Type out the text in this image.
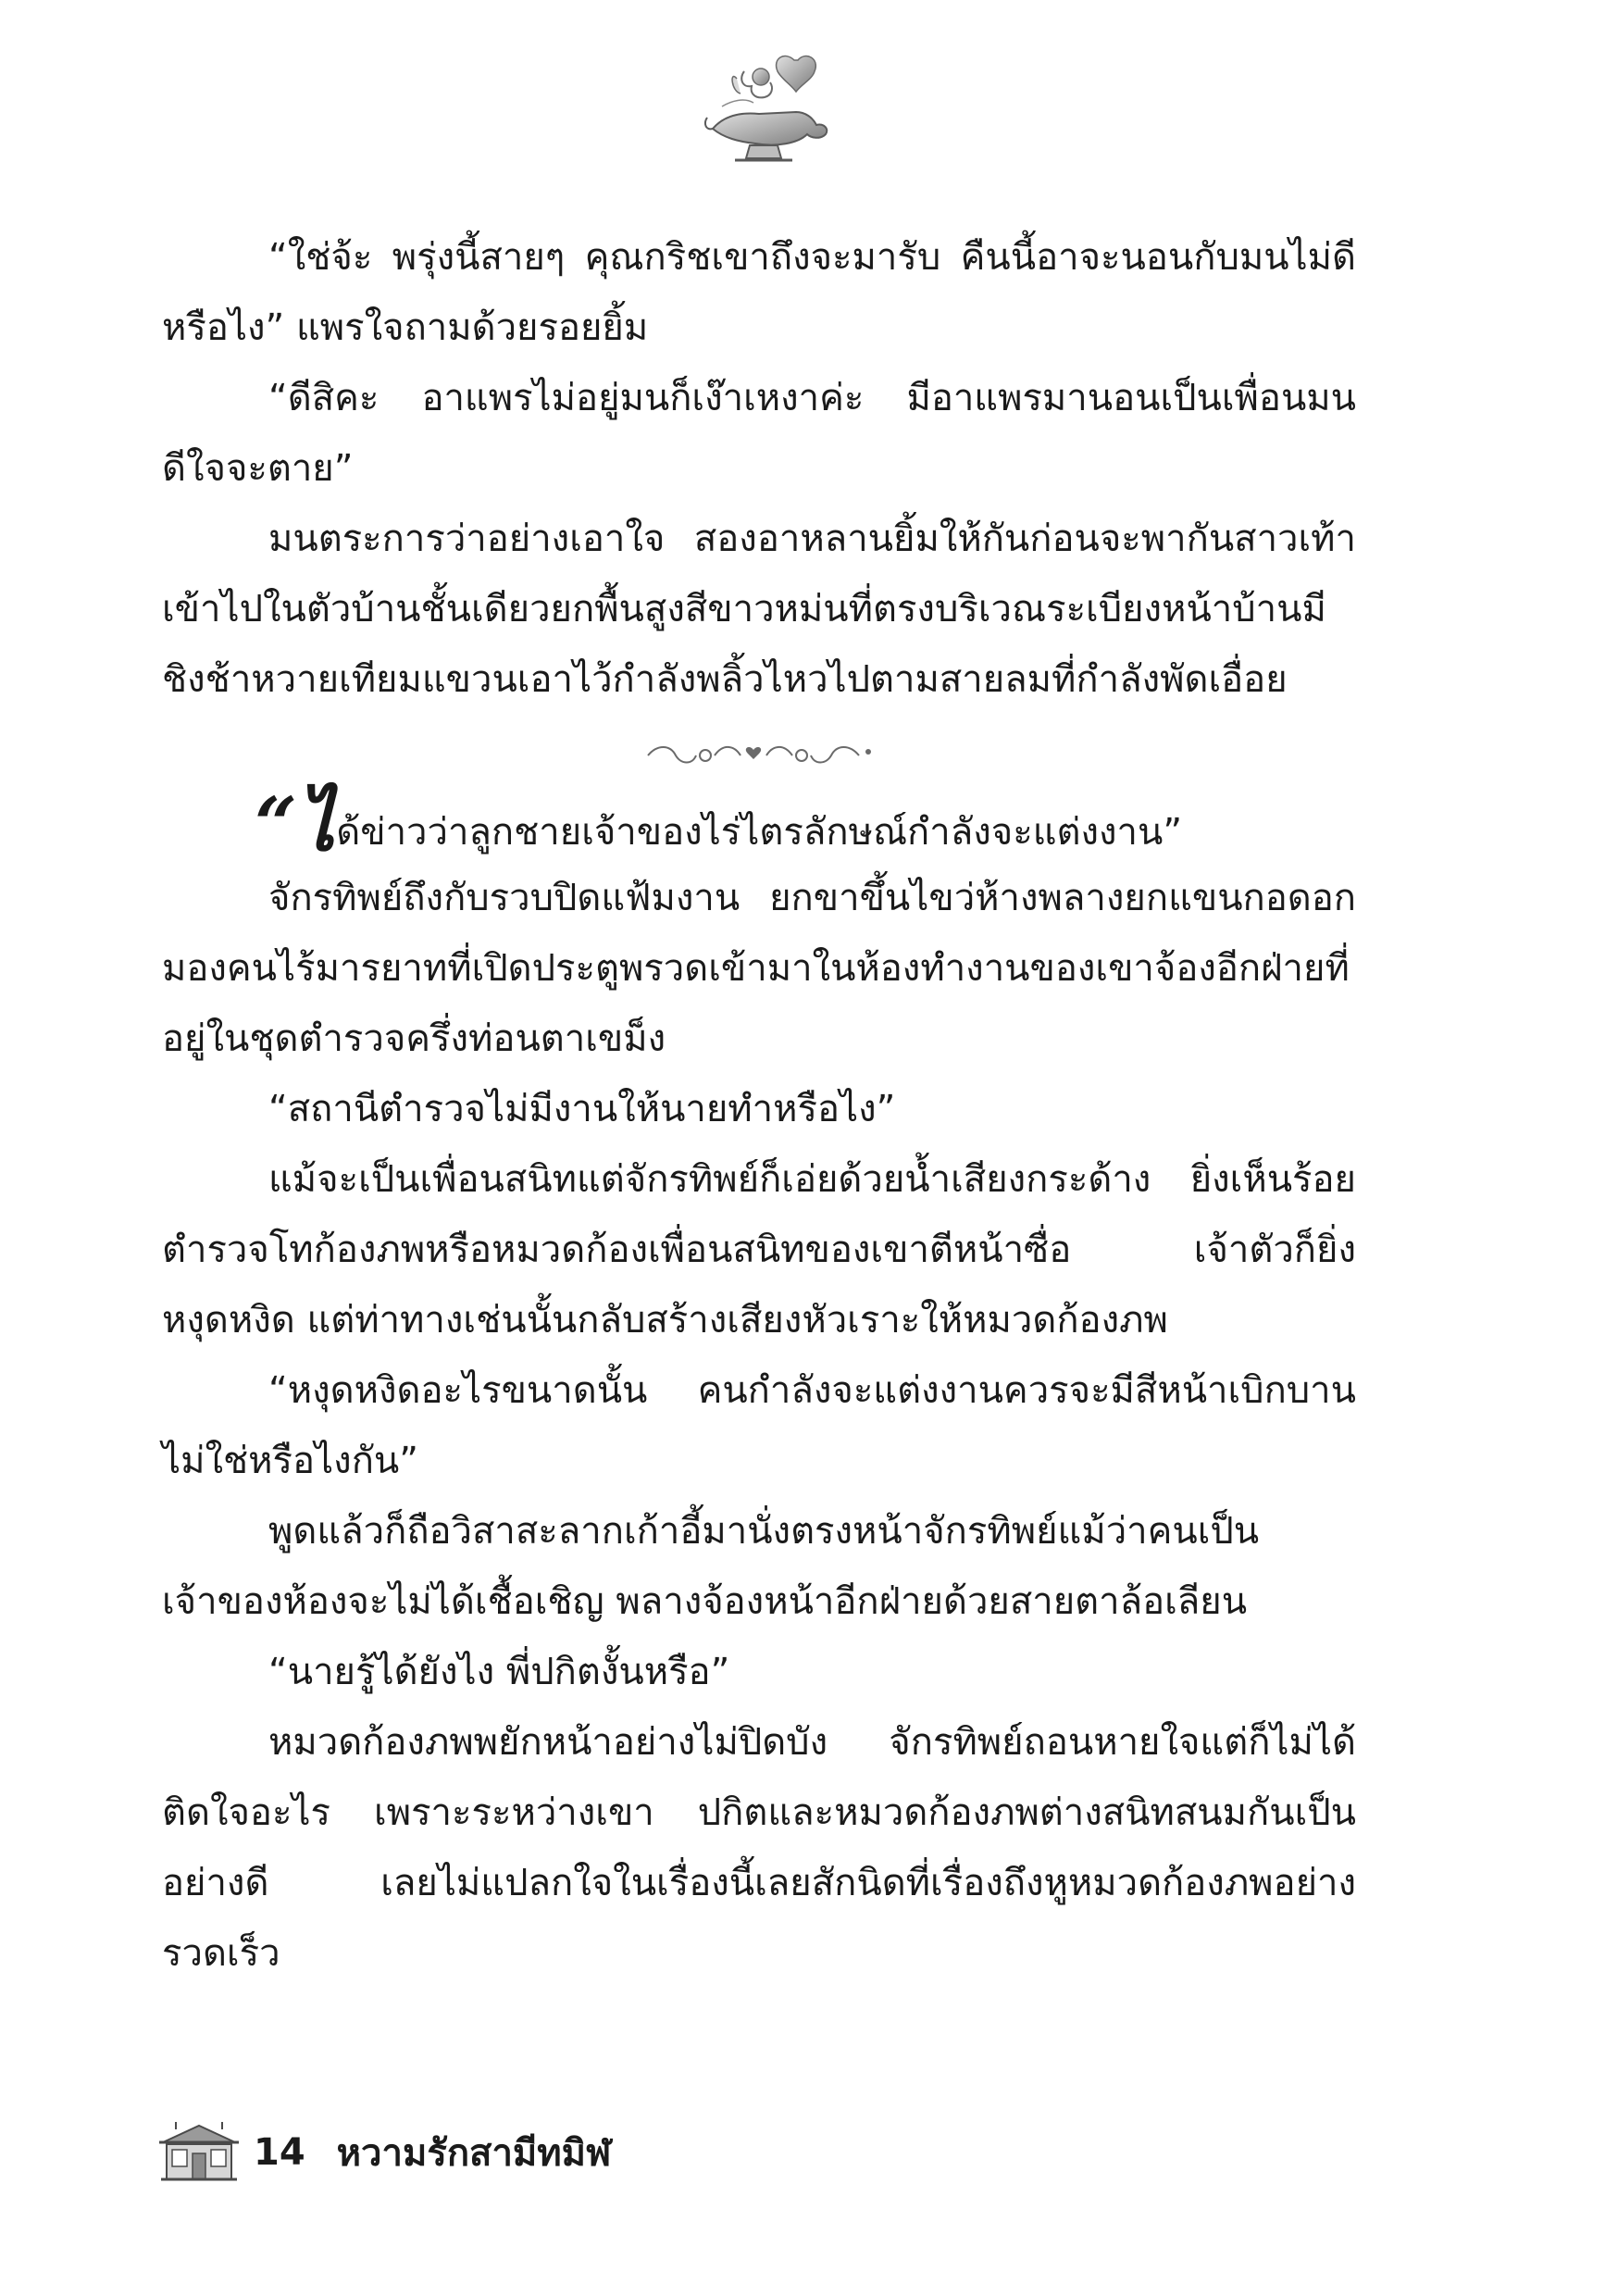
“ใช่จ้ะ พรุ่งนี้สายๆ คุณกริชเขาถึงจะมารับ คืนนี้อาจะนอนกับมนไม่ดีหรือไง” แพรใจถามด้วยรอยยิ้ม

“ดีสิคะ อาแพรไม่อยู่มนก็เง๊าเหงาค่ะ มีอาแพรมานอนเป็นเพื่อนมนดีใจจะตาย”

มนตระการว่าอย่างเอาใจ สองอาหลานยิ้มให้กันก่อนจะพากันสาวเท้าเข้าไปในตัวบ้านชั้นเดียวยกพื้นสูงสีขาวหม่นที่ตรงบริเวณระเบียงหน้าบ้านมีชิงช้าหวายเทียมแขวนเอาไว้กำลังพลิ้วไหวไปตามสายลมที่กำลังพัดเอื่อย

“ได้ข่าวว่าลูกชายเจ้าของไร่ไตรลักษณ์กำลังจะแต่งงาน”

จักรทิพย์ถึงกับรวบปิดแฟ้มงาน ยกขาขึ้นไขว่ห้างพลางยกแขนกอดอกมองคนไร้มารยาทที่เปิดประตูพรวดเข้ามาในห้องทำงานของเขาจ้องอีกฝ่ายที่อยู่ในชุดตำรวจครึ่งท่อนตาเขม็ง

“สถานีตำรวจไม่มีงานให้นายทำหรือไง”

แม้จะเป็นเพื่อนสนิทแต่จักรทิพย์ก็เอ่ยด้วยน้ำเสียงกระด้าง ยิ่งเห็นร้อยตำรวจโทก้องภพหรือหมวดก้องเพื่อนสนิทของเขาตีหน้าซื่อ เจ้าตัวก็ยิ่งหงุดหงิด แต่ท่าทางเช่นนั้นกลับสร้างเสียงหัวเราะให้หมวดก้องภพ

“หงุดหงิดอะไรขนาดนั้น คนกำลังจะแต่งงานควรจะมีสีหน้าเบิกบานไม่ใช่หรือไงกัน”

พูดแล้วก็ถือวิสาสะลากเก้าอี้มานั่งตรงหน้าจักรทิพย์แม้ว่าคนเป็นเจ้าของห้องจะไม่ได้เชื้อเชิญ พลางจ้องหน้าอีกฝ่ายด้วยสายตาล้อเลียน

“นายรู้ได้ยังไง พี่ปกิตงั้นหรือ”

หมวดก้องภพพยักหน้าอย่างไม่ปิดบัง จักรทิพย์ถอนหายใจแต่ก็ไม่ได้ติดใจอะไร เพราะระหว่างเขา ปกิตและหมวดก้องภพต่างสนิทสนมกันเป็นอย่างดี เลยไม่แปลกใจในเรื่องนี้เลยสักนิดที่เรื่องถึงหูหมวดก้องภพอย่างรวดเร็ว

14 หวามรักสามีทมิฬ
